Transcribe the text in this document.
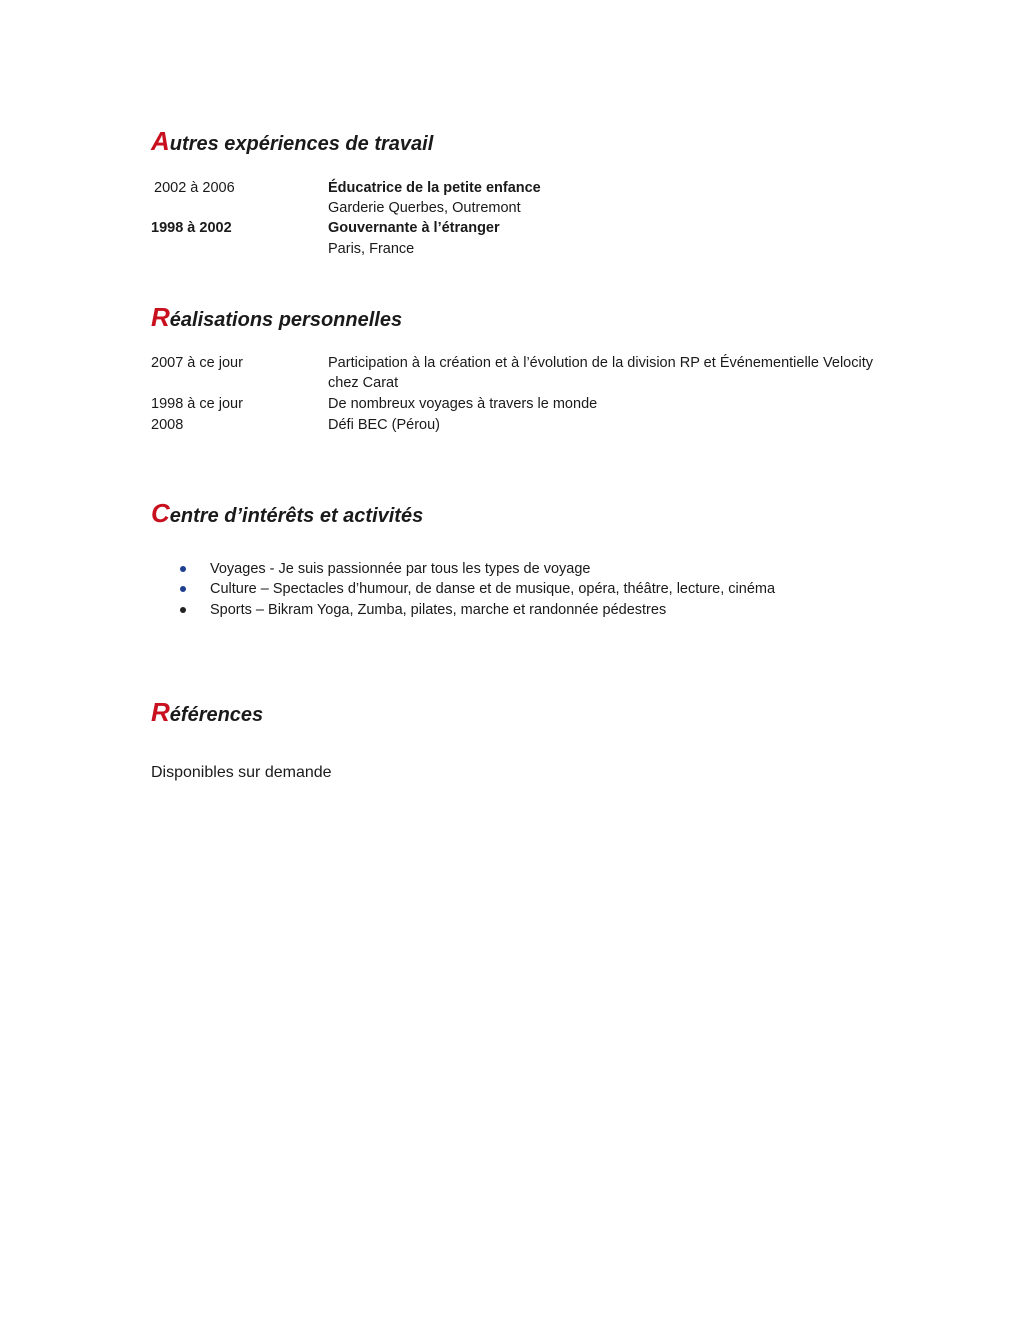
Autres expériences de travail
2002 à 2006	Éducatrice de la petite enfance
Garderie Querbes, Outremont
1998 à 2002	Gouvernante à l’étranger
Paris, France
Réalisations personnelles
2007 à ce jour	Participation à la création et à l’évolution de la division RP et Événementielle Velocity chez Carat
1998 à ce jour	De nombreux voyages à travers le monde
2008	Défi BEC (Pérou)
Centre d’intérêts et activités
Voyages - Je suis passionnée par tous les types de voyage
Culture – Spectacles d’humour, de danse et de musique, opéra, théâtre, lecture, cinéma
Sports – Bikram Yoga, Zumba, pilates, marche et randonnée pédestres
Références
Disponibles sur demande
